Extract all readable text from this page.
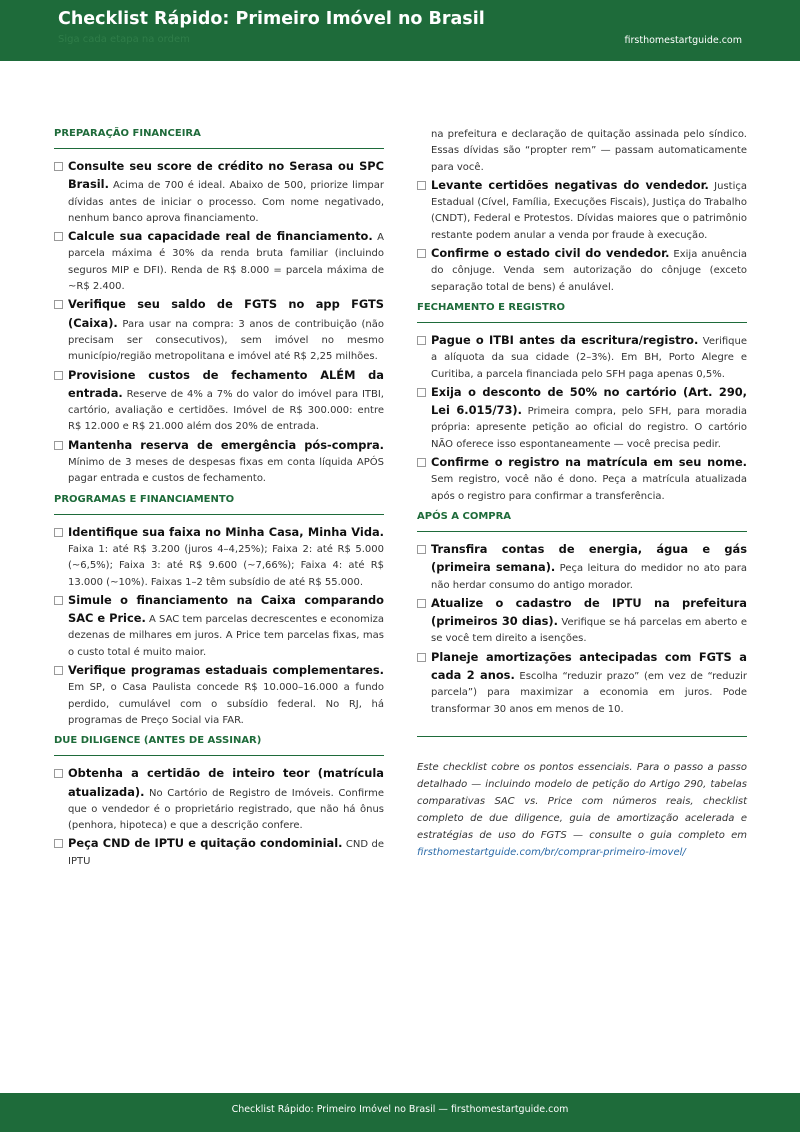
Checklist Rápido: Primeiro Imóvel no Brasil
Siga cada etapa na ordem	firsthomestartguide.com
PREPARAÇÃO FINANCEIRA
Consulte seu score de crédito no Serasa ou SPC Brasil. Acima de 700 é ideal. Abaixo de 500, priorize limpar dívidas antes de iniciar o processo. Com nome negativado, nenhum banco aprova financiamento.
Calcule sua capacidade real de financiamento. A parcela máxima é 30% da renda bruta familiar (incluindo seguros MIP e DFI). Renda de R$ 8.000 = parcela máxima de ~R$ 2.400.
Verifique seu saldo de FGTS no app FGTS (Caixa). Para usar na compra: 3 anos de contribuição (não precisam ser consecutivos), sem imóvel no mesmo município/região metropolitana e imóvel até R$ 2,25 milhões.
Provisione custos de fechamento ALÉM da entrada. Reserve de 4% a 7% do valor do imóvel para ITBI, cartório, avaliação e certidões. Imóvel de R$ 300.000: entre R$ 12.000 e R$ 21.000 além dos 20% de entrada.
Mantenha reserva de emergência pós-compra. Mínimo de 3 meses de despesas fixas em conta líquida APÓS pagar entrada e custos de fechamento.
PROGRAMAS E FINANCIAMENTO
Identifique sua faixa no Minha Casa, Minha Vida. Faixa 1: até R$ 3.200 (juros 4–4,25%); Faixa 2: até R$ 5.000 (~6,5%); Faixa 3: até R$ 9.600 (~7,66%); Faixa 4: até R$ 13.000 (~10%). Faixas 1–2 têm subsídio de até R$ 55.000.
Simule o financiamento na Caixa comparando SAC e Price. A SAC tem parcelas decrescentes e economiza dezenas de milhares em juros. A Price tem parcelas fixas, mas o custo total é muito maior.
Verifique programas estaduais complementares. Em SP, o Casa Paulista concede R$ 10.000–16.000 a fundo perdido, cumulável com o subsídio federal. No RJ, há programas de Preço Social via FAR.
DUE DILIGENCE (ANTES DE ASSINAR)
Obtenha a certidão de inteiro teor (matrícula atualizada). No Cartório de Registro de Imóveis. Confirme que o vendedor é o proprietário registrado, que não há ônus (penhora, hipoteca) e que a descrição confere.
Peça CND de IPTU e quitação condominial. CND de IPTU
na prefeitura e declaração de quitação assinada pelo síndico. Essas dívidas são “propter rem” — passam automaticamente para você.
Levante certidões negativas do vendedor. Justiça Estadual (Cível, Família, Execuções Fiscais), Justiça do Trabalho (CNDT), Federal e Protestos. Dívidas maiores que o patrimônio restante podem anular a venda por fraude à execução.
Confirme o estado civil do vendedor. Exija anuência do cônjuge. Venda sem autorização do cônjuge (exceto separação total de bens) é anulável.
FECHAMENTO E REGISTRO
Pague o ITBI antes da escritura/registro. Verifique a alíquota da sua cidade (2–3%). Em BH, Porto Alegre e Curitiba, a parcela financiada pelo SFH paga apenas 0,5%.
Exija o desconto de 50% no cartório (Art. 290, Lei 6.015/73). Primeira compra, pelo SFH, para moradia própria: apresente petição ao oficial do registro. O cartório NÃO oferece isso espontaneamente — você precisa pedir.
Confirme o registro na matrícula em seu nome. Sem registro, você não é dono. Peça a matrícula atualizada após o registro para confirmar a transferência.
APÓS A COMPRA
Transfira contas de energia, água e gás (primeira semana). Peça leitura do medidor no ato para não herdar consumo do antigo morador.
Atualize o cadastro de IPTU na prefeitura (primeiros 30 dias). Verifique se há parcelas em aberto e se você tem direito a isenções.
Planeje amortizações antecipadas com FGTS a cada 2 anos. Escolha “reduzir prazo” (em vez de “reduzir parcela”) para maximizar a economia em juros. Pode transformar 30 anos em menos de 10.
Este checklist cobre os pontos essenciais. Para o passo a passo detalhado — incluindo modelo de petição do Artigo 290, tabelas comparativas SAC vs. Price com números reais, checklist completo de due diligence, guia de amortização acelerada e estratégias de uso do FGTS — consulte o guia completo em firsthomestartguide.com/br/comprar-primeiro-imovel/
Checklist Rápido: Primeiro Imóvel no Brasil — firsthomestartguide.com
